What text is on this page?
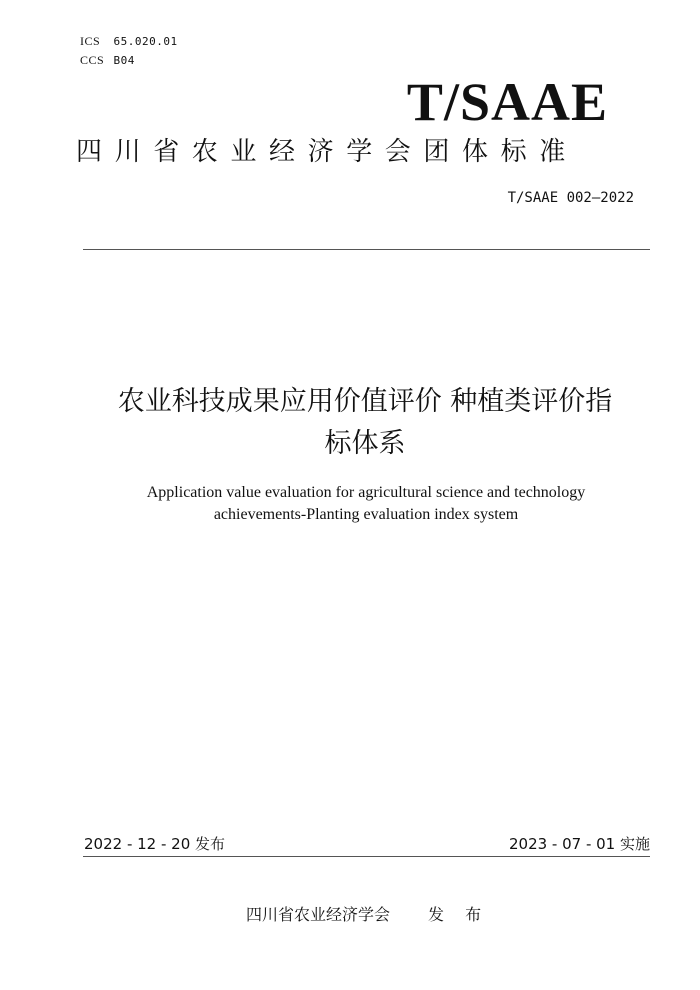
ICS 65.020.01
CCS B04
T/SAAE
四川省农业经济学会团体标准
T/SAAE 002—2022
农业科技成果应用价值评价 种植类评价指
标体系
Application value evaluation for agricultural science and technology
achievements-Planting evaluation index system
2022 - 12 - 20 发布	2023 - 07 - 01 实施
四川省农业经济学会 发 布
